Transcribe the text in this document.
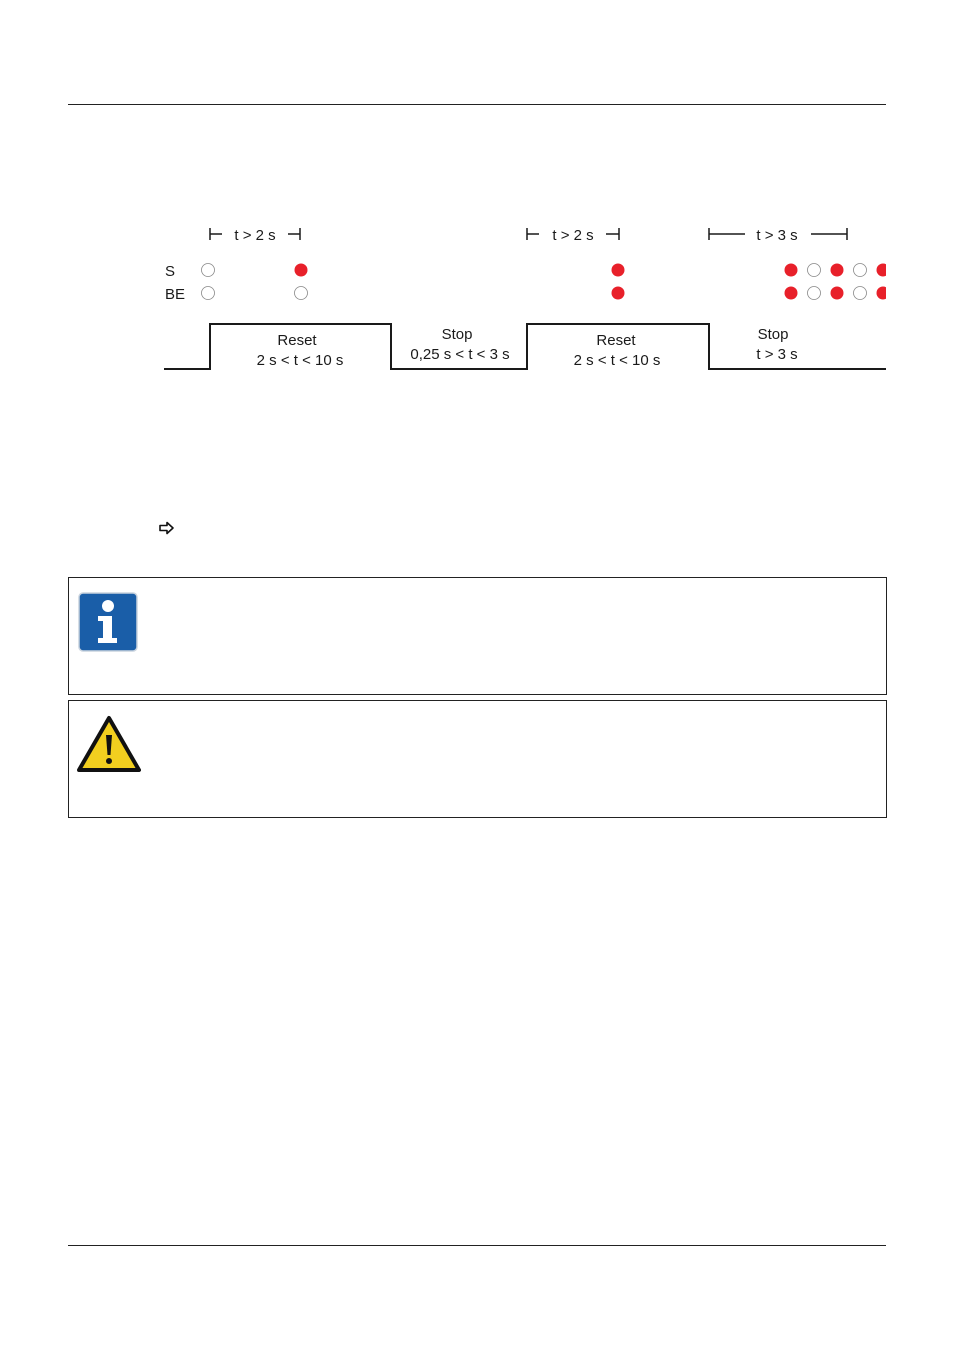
t > 2 s	t > 2 s	t > 3 s
S
BE
Reset
2 s < t < 10 s
Stop
0,25 s < t < 3 s
Reset
2 s < t < 10 s
Stop
t > 3 s
